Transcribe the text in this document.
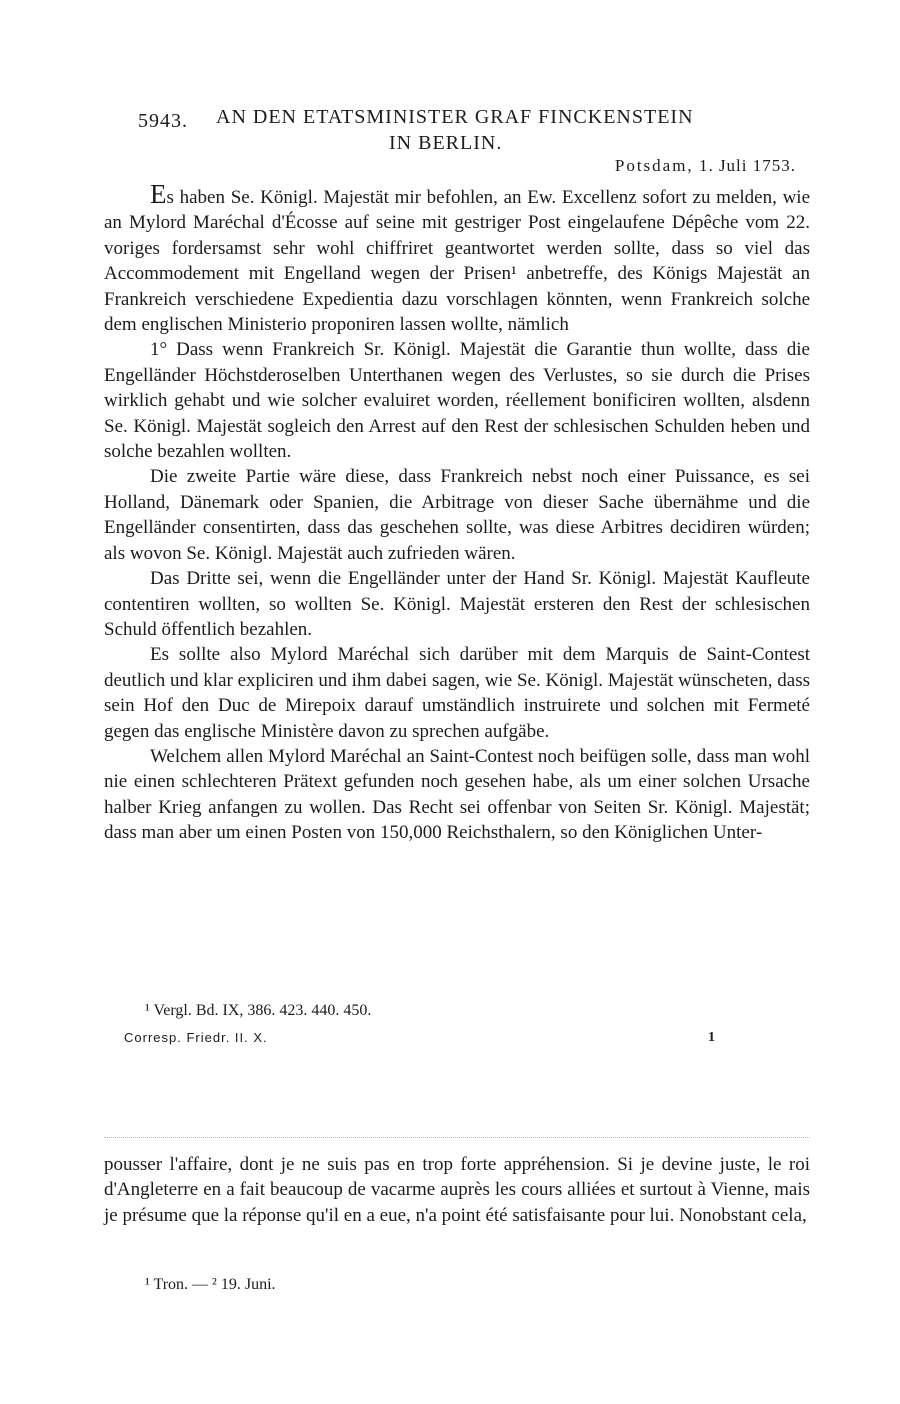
5943. AN DEN ETATSMINISTER GRAF FINCKENSTEIN
IN BERLIN.
Potsdam, 1. Juli 1753.

Es haben Se. Königl. Majestät mir befohlen, an Ew. Excellenz sofort zu melden, wie an Mylord Maréchal d'Écosse auf seine mit gestriger Post eingelaufene Dépêche vom 22. voriges fordersamst sehr wohl chiffriret geantwortet werden sollte, dass so viel das Accommodement mit Engelland wegen der Prisen¹ anbetreffe, des Königs Majestät an Frankreich verschiedene Expedientia dazu vorschlagen könnten, wenn Frankreich solche dem englischen Ministerio proponiren lassen wollte, nämlich

1° Dass wenn Frankreich Sr. Königl. Majestät die Garantie thun wollte, dass die Engelländer Höchstderoselben Unterthanen wegen des Verlustes, so sie durch die Prises wirklich gehabt und wie solcher evaluiret worden, réellement bonificiren wollten, alsdenn Se. Königl. Majestät sogleich den Arrest auf den Rest der schlesischen Schulden heben und solche bezahlen wollten.

Die zweite Partie wäre diese, dass Frankreich nebst noch einer Puissance, es sei Holland, Dänemark oder Spanien, die Arbitrage von dieser Sache übernähme und die Engelländer consentirten, dass das geschehen sollte, was diese Arbitres decidiren würden; als wovon Se. Königl. Majestät auch zufrieden wären.

Das Dritte sei, wenn die Engelländer unter der Hand Sr. Königl. Majestät Kaufleute contentiren wollten, so wollten Se. Königl. Majestät ersteren den Rest der schlesischen Schuld öffentlich bezahlen.

Es sollte also Mylord Maréchal sich darüber mit dem Marquis de Saint-Contest deutlich und klar expliciren und ihm dabei sagen, wie Se. Königl. Majestät wünscheten, dass sein Hof den Duc de Mirepoix darauf umständlich instruirete und solchen mit Fermeté gegen das englische Ministère davon zu sprechen aufgäbe.

Welchem allen Mylord Maréchal an Saint-Contest noch beifügen solle, dass man wohl nie einen schlechteren Prätext gefunden noch gesehen habe, als um einer solchen Ursache halber Krieg anfangen zu wollen. Das Recht sei offenbar von Seiten Sr. Königl. Majestät; dass man aber um einen Posten von 150,000 Reichsthalern, so den Königlichen Unter-

¹ Vergl. Bd. IX, 386. 423. 440. 450.
Corresp. Friedr. II. X.	1

pousser l'affaire, dont je ne suis pas en trop forte appréhension. Si je devine juste, le roi d'Angleterre en a fait beaucoup de vacarme auprès les cours alliées et surtout à Vienne, mais je présume que la réponse qu'il en a eue, n'a point été satisfaisante pour lui. Nonobstant cela,

¹ Tron. — ² 19. Juni.
